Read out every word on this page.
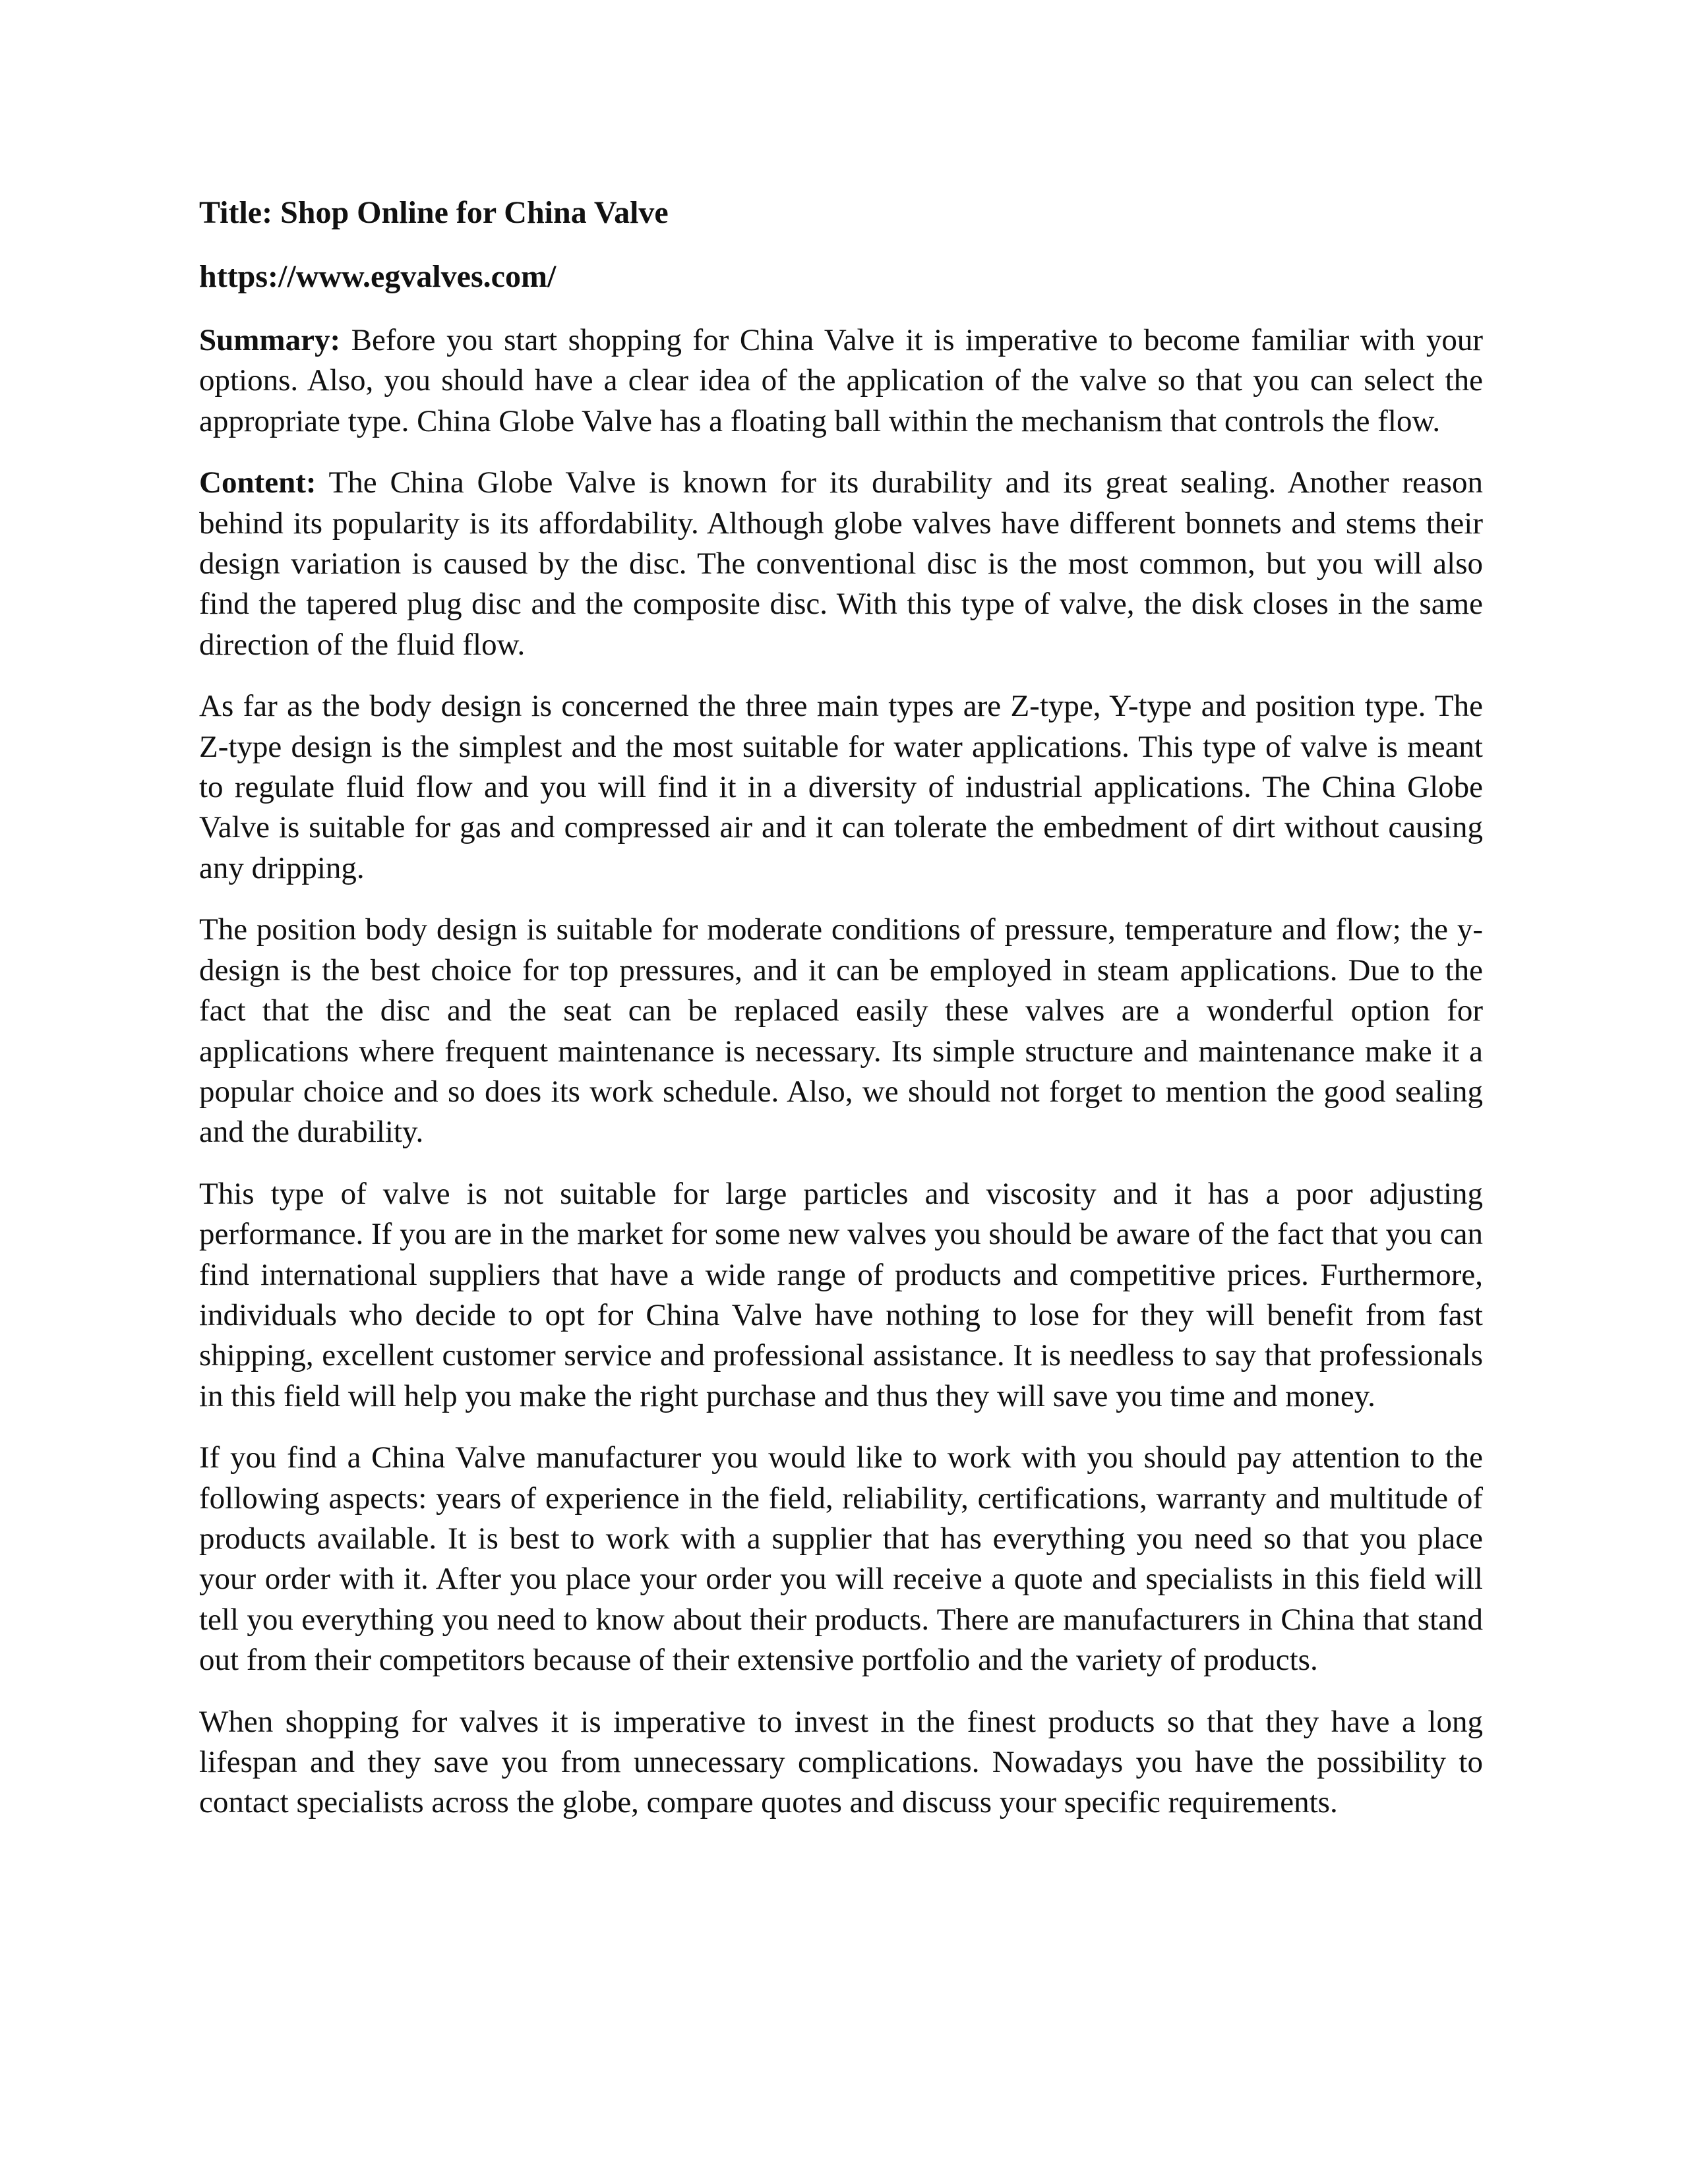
Title: Shop Online for China Valve
https://www.egvalves.com/

Summary: Before you start shopping for China Valve it is imperative to become familiar with your options. Also, you should have a clear idea of the application of the valve so that you can select the appropriate type. China Globe Valve has a floating ball within the mechanism that controls the flow.

Content: The China Globe Valve is known for its durability and its great sealing. Another reason behind its popularity is its affordability. Although globe valves have different bonnets and stems their design variation is caused by the disc. The conventional disc is the most common, but you will also find the tapered plug disc and the composite disc. With this type of valve, the disk closes in the same direction of the fluid flow.

As far as the body design is concerned the three main types are Z-type, Y-type and position type. The Z-type design is the simplest and the most suitable for water applications. This type of valve is meant to regulate fluid flow and you will find it in a diversity of industrial applications. The China Globe Valve is suitable for gas and compressed air and it can tolerate the embedment of dirt without causing any dripping.

The position body design is suitable for moderate conditions of pressure, temperature and flow; the y-design is the best choice for top pressures, and it can be employed in steam applications. Due to the fact that the disc and the seat can be replaced easily these valves are a wonderful option for applications where frequent maintenance is necessary. Its simple structure and maintenance make it a popular choice and so does its work schedule. Also, we should not forget to mention the good sealing and the durability.

This type of valve is not suitable for large particles and viscosity and it has a poor adjusting performance. If you are in the market for some new valves you should be aware of the fact that you can find international suppliers that have a wide range of products and competitive prices. Furthermore, individuals who decide to opt for China Valve have nothing to lose for they will benefit from fast shipping, excellent customer service and professional assistance. It is needless to say that professionals in this field will help you make the right purchase and thus they will save you time and money.

If you find a China Valve manufacturer you would like to work with you should pay attention to the following aspects: years of experience in the field, reliability, certifications, warranty and multitude of products available. It is best to work with a supplier that has everything you need so that you place your order with it. After you place your order you will receive a quote and specialists in this field will tell you everything you need to know about their products. There are manufacturers in China that stand out from their competitors because of their extensive portfolio and the variety of products.

When shopping for valves it is imperative to invest in the finest products so that they have a long lifespan and they save you from unnecessary complications. Nowadays you have the possibility to contact specialists across the globe, compare quotes and discuss your specific requirements.
